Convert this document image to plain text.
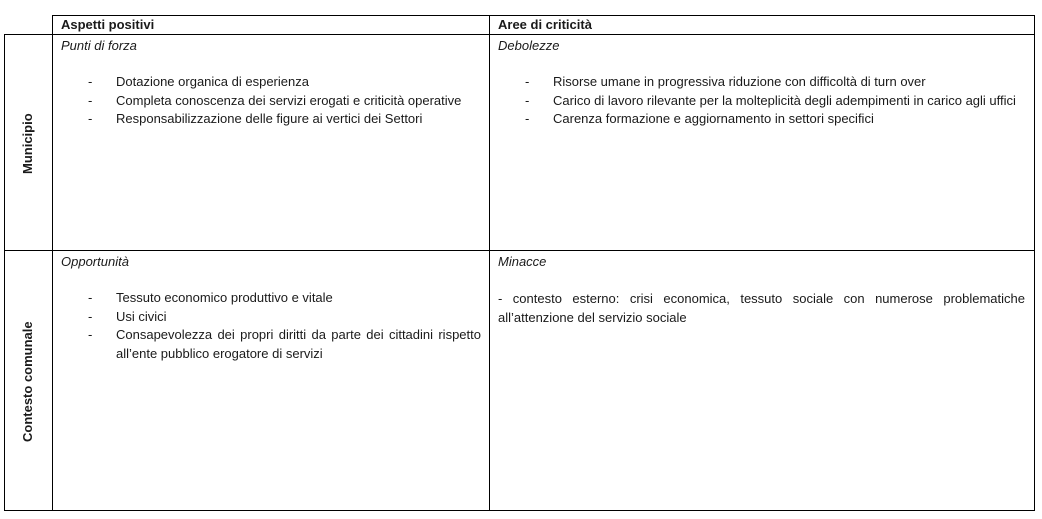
Aspetti positivi	Aree di criticità
Municipio
Contesto comunale
Punti di forza
- Dotazione organica di esperienza
- Completa conoscenza dei servizi erogati e criticità operative
- Responsabilizzazione delle figure ai vertici dei Settori
Debolezze
- Risorse umane in progressiva riduzione con difficoltà di turn over
- Carico di lavoro rilevante per la molteplicità degli adempimenti in carico agli uffici
- Carenza formazione e aggiornamento in settori specifici
Opportunità
- Tessuto economico produttivo e vitale
- Usi civici
- Consapevolezza dei propri diritti da parte dei cittadini rispetto all’ente pubblico erogatore di servizi
Minacce
- contesto esterno: crisi economica, tessuto sociale con numerose problematiche all’attenzione del servizio sociale
